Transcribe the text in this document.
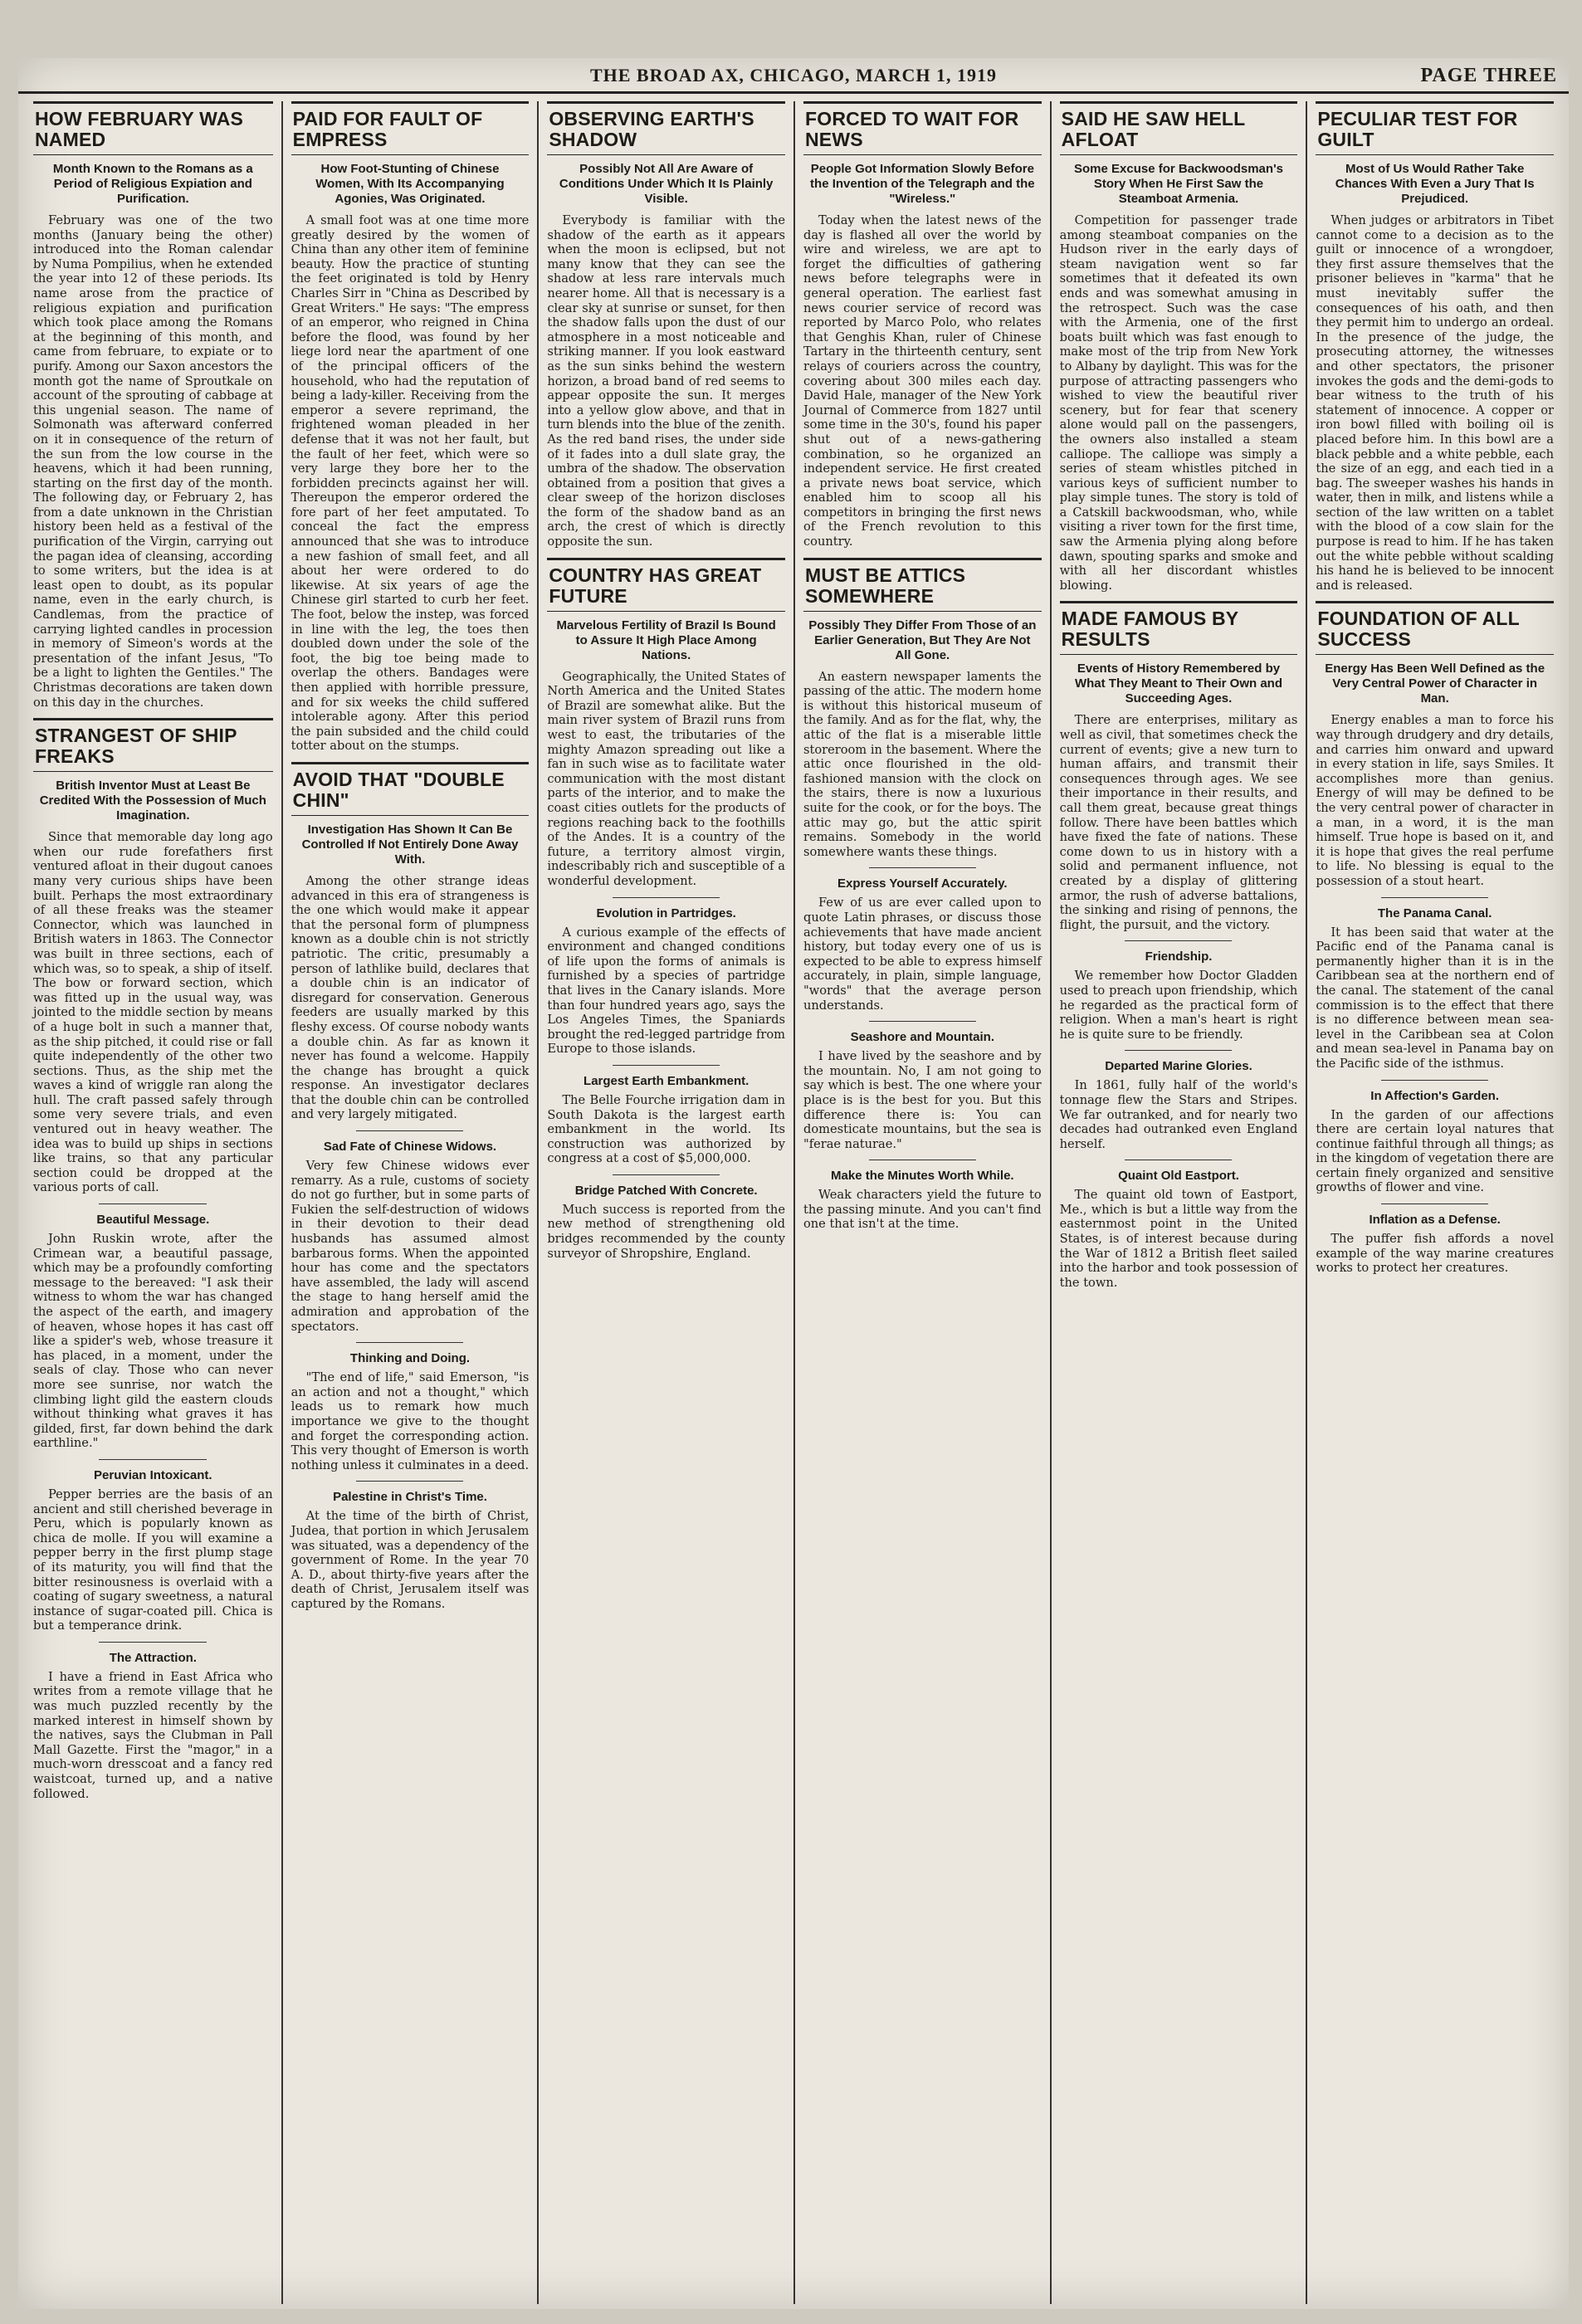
THE BROAD AX, CHICAGO, MARCH 1, 1919	PAGE THREE
HOW FEBRUARY WAS NAMED
Month Known to the Romans as a Period of Religious Expiation and Purification.

February was one of the two months (January being the other) introduced into the Roman calendar by Numa Pompilius, when he extended the year into 12 of these periods. Its name arose from the practice of religious expiation and purification which took place among the Romans at the beginning of this month, and came from februare, to expiate or to purify. Among our Saxon ancestors the month got the name of Sproutkale on account of the sprouting of cabbage at this ungenial season. The name of Solmonath was afterward conferred on it in consequence of the return of the sun from the low course in the heavens, which it had been running, starting on the first day of the month. The following day, or February 2, has from a date unknown in the Christian history been held as a festival of the purification of the Virgin, carrying out the pagan idea of cleansing, according to some writers, but the idea is at least open to doubt, as its popular name, even in the early church, is Candlemas, from the practice of carrying lighted candles in procession in memory of Simeon's words at the presentation of the infant Jesus, "To be a light to lighten the Gentiles." The Christmas decorations are taken down on this day in the churches.

STRANGEST OF SHIP FREAKS
British Inventor Must at Least Be Credited With the Possession of Much Imagination.

Since that memorable day long ago when our rude forefathers first ventured afloat in their dugout canoes many very curious ships have been built. Perhaps the most extraordinary of all these freaks was the steamer Connector, which was launched in British waters in 1863. The Connector was built in three sections, each of which was, so to speak, a ship of itself. The bow or forward section, which was fitted up in the usual way, was jointed to the middle section by means of a huge bolt in such a manner that, as the ship pitched, it could rise or fall quite independently of the other two sections. Thus, as the ship met the waves a kind of wriggle ran along the hull. The craft passed safely through some very severe trials, and even ventured out in heavy weather. The idea was to build up ships in sections like trains, so that any particular section could be dropped at the various ports of call.

Beautiful Message.

John Ruskin wrote, after the Crimean war, a beautiful passage, which may be a profoundly comforting message to the bereaved: "I ask their witness to whom the war has changed the aspect of the earth, and imagery of heaven, whose hopes it has cast off like a spider's web, whose treasure it has placed, in a moment, under the seals of clay. Those who can never more see sunrise, nor watch the climbing light gild the eastern clouds without thinking what graves it has gilded, first, far down behind the dark earthline."

Peruvian Intoxicant.

Pepper berries are the basis of an ancient and still cherished beverage in Peru, which is popularly known as chica de molle. If you will examine a pepper berry in the first plump stage of its maturity, you will find that the bitter resinousness is overlaid with a coating of sugary sweetness, a natural instance of sugar-coated pill. Chica is but a temperance drink.

The Attraction.

I have a friend in East Africa who writes from a remote village that he was much puzzled recently by the marked interest in himself shown by the natives, says the Clubman in Pall Mall Gazette. First the "magor," in a much-worn dresscoat and a fancy red waistcoat, turned up, and a native followed.

PAID FOR FAULT OF EMPRESS
How Foot-Stunting of Chinese Women, With Its Accompanying Agonies, Was Originated.

A small foot was at one time more greatly desired by the women of China than any other item of feminine beauty. How the practice of stunting the feet originated is told by Henry Charles Sirr in "China as Described by Great Writers." He says: "The empress of an emperor, who reigned in China before the flood, was found by her liege lord near the apartment of one of the principal officers of the household, who had the reputation of being a lady-killer. Receiving from the emperor a severe reprimand, the frightened woman pleaded in her defense that it was not her fault, but the fault of her feet, which were so very large they bore her to the forbidden precincts against her will. Thereupon the emperor ordered the fore part of her feet amputated. To conceal the fact the empress announced that she was to introduce a new fashion of small feet, and all about her were ordered to do likewise. At six years of age the Chinese girl started to curb her feet. The foot, below the instep, was forced in line with the leg, the toes then doubled down under the sole of the foot, the big toe being made to overlap the others. Bandages were then applied with horrible pressure, and for six weeks the child suffered intolerable agony. After this period the pain subsided and the child could totter about on the stumps.

AVOID THAT "DOUBLE CHIN"
Investigation Has Shown It Can Be Controlled If Not Entirely Done Away With.

Among the other strange ideas advanced in this era of strangeness is the one which would make it appear that the personal form of plumpness known as a double chin is not strictly patriotic. The critic, presumably a person of lathlike build, declares that a double chin is an indicator of disregard for conservation. Generous feeders are usually marked by this fleshy excess. Of course nobody wants a double chin. As far as known it never has found a welcome. Happily the change has brought a quick response. An investigator declares that the double chin can be controlled and very largely mitigated.

Sad Fate of Chinese Widows.

Very few Chinese widows ever remarry. As a rule, customs of society do not go further, but in some parts of Fukien the self-destruction of widows in their devotion to their dead husbands has assumed almost barbarous forms. When the appointed hour has come and the spectators have assembled, the lady will ascend the stage to hang herself amid the admiration and approbation of the spectators.

Thinking and Doing.

"The end of life," said Emerson, "is an action and not a thought," which leads us to remark how much importance we give to the thought and forget the corresponding action. This very thought of Emerson is worth nothing unless it culminates in a deed.

Palestine in Christ's Time.

At the time of the birth of Christ, Judea, that portion in which Jerusalem was situated, was a dependency of the government of Rome. In the year 70 A. D., about thirty-five years after the death of Christ, Jerusalem itself was captured by the Romans.

OBSERVING EARTH'S SHADOW
Possibly Not All Are Aware of Conditions Under Which It Is Plainly Visible.

Everybody is familiar with the shadow of the earth as it appears when the moon is eclipsed, but not many know that they can see the shadow at less rare intervals much nearer home. All that is necessary is a clear sky at sunrise or sunset, for then the shadow falls upon the dust of our atmosphere in a most noticeable and striking manner. If you look eastward as the sun sinks behind the western horizon, a broad band of red seems to appear opposite the sun. It merges into a yellow glow above, and that in turn blends into the blue of the zenith. As the red band rises, the under side of it fades into a dull slate gray, the umbra of the shadow. The observation obtained from a position that gives a clear sweep of the horizon discloses the form of the shadow band as an arch, the crest of which is directly opposite the sun.

COUNTRY HAS GREAT FUTURE
Marvelous Fertility of Brazil Is Bound to Assure It High Place Among Nations.

Geographically, the United States of North America and the United States of Brazil are somewhat alike. But the main river system of Brazil runs from west to east, the tributaries of the mighty Amazon spreading out like a fan in such wise as to facilitate water communication with the most distant parts of the interior, and to make the coast cities outlets for the products of regions reaching back to the foothills of the Andes. It is a country of the future, a territory almost virgin, indescribably rich and susceptible of a wonderful development.

Evolution in Partridges.

A curious example of the effects of environment and changed conditions of life upon the forms of animals is furnished by a species of partridge that lives in the Canary islands. More than four hundred years ago, says the Los Angeles Times, the Spaniards brought the red-legged partridge from Europe to those islands.

Largest Earth Embankment.

The Belle Fourche irrigation dam in South Dakota is the largest earth embankment in the world. Its construction was authorized by congress at a cost of $5,000,000.

Bridge Patched With Concrete.

Much success is reported from the new method of strengthening old bridges recommended by the county surveyor of Shropshire, England.

FORCED TO WAIT FOR NEWS
People Got Information Slowly Before the Invention of the Telegraph and the "Wireless."

Today when the latest news of the day is flashed all over the world by wire and wireless, we are apt to forget the difficulties of gathering news before telegraphs were in general operation. The earliest fast news courier service of record was reported by Marco Polo, who relates that Genghis Khan, ruler of Chinese Tartary in the thirteenth century, sent relays of couriers across the country, covering about 300 miles each day. David Hale, manager of the New York Journal of Commerce from 1827 until some time in the 30's, found his paper shut out of a news-gathering combination, so he organized an independent service. He first created a private news boat service, which enabled him to scoop all his competitors in bringing the first news of the French revolution to this country.

MUST BE ATTICS SOMEWHERE
Possibly They Differ From Those of an Earlier Generation, But They Are Not All Gone.

An eastern newspaper laments the passing of the attic. The modern home is without this historical museum of the family. And as for the flat, why, the attic of the flat is a miserable little storeroom in the basement. Where the attic once flourished in the old-fashioned mansion with the clock on the stairs, there is now a luxurious suite for the cook, or for the boys. The attic may go, but the attic spirit remains. Somebody in the world somewhere wants these things.

Express Yourself Accurately.

Few of us are ever called upon to quote Latin phrases, or discuss those achievements that have made ancient history, but today every one of us is expected to be able to express himself accurately, in plain, simple language, "words" that the average person understands.

Seashore and Mountain.

I have lived by the seashore and by the mountain. No, I am not going to say which is best. The one where your place is is the best for you. But this difference there is: You can domesticate mountains, but the sea is "ferae naturae."

Make the Minutes Worth While.

Weak characters yield the future to the passing minute. And you can't find one that isn't at the time.

SAID HE SAW HELL AFLOAT
Some Excuse for Backwoodsman's Story When He First Saw the Steamboat Armenia.

Competition for passenger trade among steamboat companies on the Hudson river in the early days of steam navigation went so far sometimes that it defeated its own ends and was somewhat amusing in the retrospect. Such was the case with the Armenia, one of the first boats built which was fast enough to make most of the trip from New York to Albany by daylight. This was for the purpose of attracting passengers who wished to view the beautiful river scenery, but for fear that scenery alone would pall on the passengers, the owners also installed a steam calliope. The calliope was simply a series of steam whistles pitched in various keys of sufficient number to play simple tunes. The story is told of a Catskill backwoodsman, who, while visiting a river town for the first time, saw the Armenia plying along before dawn, spouting sparks and smoke and with all her discordant whistles blowing.

MADE FAMOUS BY RESULTS
Events of History Remembered by What They Meant to Their Own and Succeeding Ages.

There are enterprises, military as well as civil, that sometimes check the current of events; give a new turn to human affairs, and transmit their consequences through ages. We see their importance in their results, and call them great, because great things follow. There have been battles which have fixed the fate of nations. These come down to us in history with a solid and permanent influence, not created by a display of glittering armor, the rush of adverse battalions, the sinking and rising of pennons, the flight, the pursuit, and the victory.

Friendship.

We remember how Doctor Gladden used to preach upon friendship, which he regarded as the practical form of religion. When a man's heart is right he is quite sure to be friendly.

Departed Marine Glories.

In 1861, fully half of the world's tonnage flew the Stars and Stripes. We far outranked, and for nearly two decades had outranked even England herself.

Quaint Old Eastport.

The quaint old town of Eastport, Me., which is but a little way from the easternmost point in the United States, is of interest because during the War of 1812 a British fleet sailed into the harbor and took possession of the town.

PECULIAR TEST FOR GUILT
Most of Us Would Rather Take Chances With Even a Jury That Is Prejudiced.

When judges or arbitrators in Tibet cannot come to a decision as to the guilt or innocence of a wrongdoer, they first assure themselves that the prisoner believes in "karma" that he must inevitably suffer the consequences of his oath, and then they permit him to undergo an ordeal. In the presence of the judge, the prosecuting attorney, the witnesses and other spectators, the prisoner invokes the gods and the demi-gods to bear witness to the truth of his statement of innocence. A copper or iron bowl filled with boiling oil is placed before him. In this bowl are a black pebble and a white pebble, each the size of an egg, and each tied in a bag. The sweeper washes his hands in water, then in milk, and listens while a section of the law written on a tablet with the blood of a cow slain for the purpose is read to him. If he has taken out the white pebble without scalding his hand he is believed to be innocent and is released.

FOUNDATION OF ALL SUCCESS
Energy Has Been Well Defined as the Very Central Power of Character in Man.

Energy enables a man to force his way through drudgery and dry details, and carries him onward and upward in every station in life, says Smiles. It accomplishes more than genius. Energy of will may be defined to be the very central power of character in a man, in a word, it is the man himself. True hope is based on it, and it is hope that gives the real perfume to life. No blessing is equal to the possession of a stout heart.

The Panama Canal.

It has been said that water at the Pacific end of the Panama canal is permanently higher than it is in the Caribbean sea at the northern end of the canal. The statement of the canal commission is to the effect that there is no difference between mean sea-level in the Caribbean sea at Colon and mean sea-level in Panama bay on the Pacific side of the isthmus.

In Affection's Garden.

In the garden of our affections there are certain loyal natures that continue faithful through all things; as in the kingdom of vegetation there are certain finely organized and sensitive growths of flower and vine.

Inflation as a Defense.

The puffer fish affords a novel example of the way marine creatures works to protect her creatures.
